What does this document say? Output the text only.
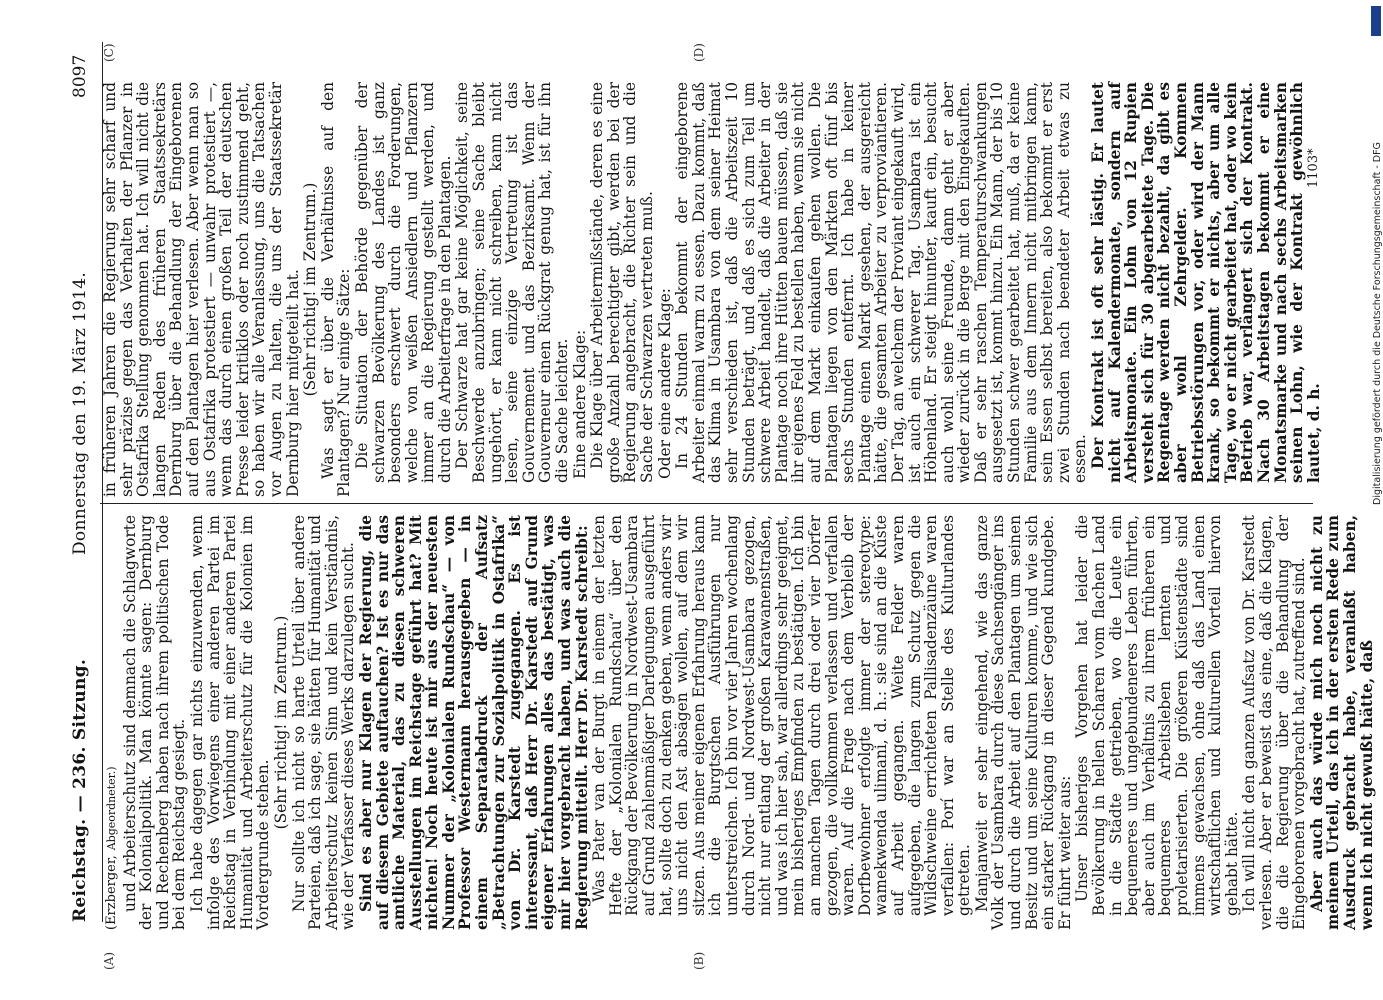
Reichstag. — 236. Sitzung.
Donnerstag den 19. März 1914.
8097
(A)	(B)
(C)	(D)

(Erzberger, Abgeordneter.) und Arbeiterschutz sind demnach die Schlagworte der Kolonialpolitik. Man könnte sagen: Dernburg und Rechenberg haben nach ihrem politischen Tode bei dem Reichstag gesiegt. Ich habe dagegen gar nichts einzuwenden, wenn infolge des Vorwiegens einer anderen Partei im Reichstag in Verbindung mit einer anderen Partei Humanität und Arbeiterschutz für die Kolonien im Vordergrunde stehen.

(Sehr richtig! im Zentrum.) Nur sollte ich nicht so harte Urteil über andere Parteien, daß ich sage, sie hätten für Humanität und Arbeiterschutz keinen Sinn und kein Verständnis, wie der Verfasser dieses Werks darzulegen sucht. Sind es aber nur Klagen der Regierung, die auf diesem Gebiete auftauchen? Ist es nur das amtliche Material, das zu diesen schweren Ausstellungen im Reichstage geführt hat? Mit nichten! Noch heute ist mir aus der neuesten Nummer der „Kolonialen Rundschau“ — von Professor Westermann herausgegeben — in einem Separatabdruck der Aufsatz „Betrachtungen zur Sozialpolitik in Ostafrika“ von Dr. Karstedt zugegangen. Es ist interessant, daß Herr Dr. Karstedt auf Grund eigener Erfahrungen alles das bestätigt, was mir hier vorgebracht haben, und was auch die Regierung mitteilt. Herr Dr. Karstedt schreibt: Was Pater van der Burgt in einem der letzten Hefte der „Kolonialen Rundschau“ über den Rückgang der Bevölkerung in Nordwest-Usambara auf Grund zahlenmäßiger Darlegungen ausgeführt hat, sollte doch zu denken geben, wenn anders wir uns nicht den Ast absägen wollen, auf dem wir sitzen. Aus meiner eigenen Erfahrung heraus kann ich die Burgtschen Ausführungen nur unterstreichen. Ich bin vor vier Jahren wochenlang durch Nord- und Nordwest-Usambara gezogen, nicht nur entlang der großen Karawanenstraßen, und was ich hier sah, war allerdings sehr geeignet, mein bisheriges Empfinden zu bestätigen. Ich bin an manchen Tagen durch drei oder vier Dörfer gezogen, die vollkommen verlassen und verfallen waren. Auf die Frage nach dem Verbleib der Dorfbewohner erfolgte immer der stereotype: wamekwenda ulimani, d. h.: sie sind an die Küste auf Arbeit gegangen. Weite Felder waren aufgegeben, die langen zum Schutz gegen die Wildschweine errichteten Pallisadenzäune waren verfallen: Porí war an Stelle des Kulturlandes getreten. Manjanweit er sehr eingehend, wie das ganze Volk der Usambara durch diese Sachsengänger ins und durch die Arbeit auf den Plantagen um seinen Besitz und um seine Kulturen komme, und wie sich ein starker Rückgang in dieser Gegend kundgebe. Er führt weiter aus: Unser bisheriges Vorgehen hat leider die Bevölkerung in hellen Scharen vom flachen Land in die Städte getrieben, wo die Leute ein bequemeres und ungebundeneres Leben führten, aber auch im Verhältnis zu ihrem früheren ein bequemeres Arbeitsleben lernten und proletarisierten. Die größeren Küstenstädte sind immens gewachsen, ohne daß das Land einen wirtschaftlichen und kulturellen Vorteil hiervon gehabt hätte. Ich will nicht den ganzen Aufsatz von Dr. Karstedt verlesen. Aber er beweist das eine, daß die Klagen, die die Regierung über die Behandlung der Eingeborenen vorgebracht hat, zutreffend sind. Aber auch das würde mich noch nicht zu meinem Urteil, das ich in der ersten Rede zum Ausdruck gebracht habe, veranlaßt haben, wenn ich nicht gewußt hätte, daß

in früheren Jahren die Regierung sehr scharf und sehr präzise gegen das Verhalten der Pflanzer in Ostafrika Stellung genommen hat. Ich will nicht die langen Reden des früheren Staatssekretärs Dernburg über die Behandlung der Eingeborenen auf den Plantagen hier verlesen. Aber wenn man so aus Ostafrika protestiert — unwahr protestiert —, wenn das durch einen großen Teil der deutschen Presse leider kritiklos oder noch zustimmend geht, so haben wir alle Veranlassung, uns die Tatsachen vor Augen zu halten, die uns der Staatssekretär Dernburg hier mitgeteilt hat. (Sehr richtig! im Zentrum.) Was sagt er über die Verhältnisse auf den Plantagen? Nur einige Sätze: Die Situation der Behörde gegenüber der schwarzen Bevölkerung des Landes ist ganz besonders erschwert durch die Forderungen, welche von weißen Ansiedlern und Pflanzern immer an die Regierung gestellt werden, und durch die Arbeiterfrage in den Plantagen. Der Schwarze hat gar keine Möglichkeit, seine Beschwerde anzubringen; seine Sache bleibt ungehört, er kann nicht schreiben, kann nicht lesen, seine einzige Vertretung ist das Gouvernement und das Bezirksamt. Wenn der Gouverneur einen Rückgrat genug hat, ist für ihn die Sache leichter. Eine andere Klage: Die Klage über Arbeitermißstände, deren es eine große Anzahl berechtigter gibt, werden bei der Regierung angebracht, die Richter sein und die Sache der Schwarzen vertreten muß. Oder eine andere Klage: In 24 Stunden bekommt der eingeborene Arbeiter einmal warm zu essen. Dazu kommt, daß das Klima in Usambara von dem seiner Heimat sehr verschieden ist, daß die Arbeitszeit 10 Stunden beträgt, und daß es sich zum Teil um schwere Arbeit handelt, daß die Arbeiter in der Plantage noch ihre Hütten bauen müssen, daß sie ihr eigenes Feld zu bestellen haben, wenn sie nicht auf dem Markt einkaufen gehen wollen. Die Plantagen liegen von den Märkten oft fünf bis sechs Stunden entfernt. Ich habe in keiner Plantage einen Markt gesehen, der ausgereicht hätte, die gesamten Arbeiter zu verproviantieren. Der Tag, an welchem der Proviant eingekauft wird, ist auch ein schwerer Tag. Usambara ist ein Höhenland. Er steigt hinunter, kauft ein, besucht auch wohl seine Freunde, dann geht er aber wieder zurück in die Berge mit den Eingekauften. Daß er sehr raschen Temperaturschwankungen ausgesetzt ist, kommt hinzu. Ein Mann, der bis 10 Stunden schwer gearbeitet hat, muß, da er keine Familie aus dem Innern nicht mitbringen kann, sein Essen selbst bereiten, also bekommt er erst zwei Stunden nach beendeter Arbeit etwas zu essen. Der Kontrakt ist oft sehr lästig. Er lautet nicht auf Kalendermonate, sondern auf Arbeitsmonate. Ein Lohn von 12 Rupien versteht sich für 30 abgearbeitete Tage. Die Regentage werden nicht bezahlt, da gibt es aber wohl Zehrgelder. Kommen Betriebsstörungen vor, oder wird der Mann krank, so bekommt er nichts, aber um alle Tage, wo er nicht gearbeitet hat, oder wo kein Betrieb war, verlängert sich der Kontrakt. Nach 30 Arbeitstagen bekommt er eine Monatsmarke und nach sechs Arbeitsmarken seinen Lohn, wie der Kontrakt gewöhnlich lautet, d. h.

1103*
DFG
Digitalisierung gefördert durch die Deutsche Forschungsgemeinschaft - DFG
